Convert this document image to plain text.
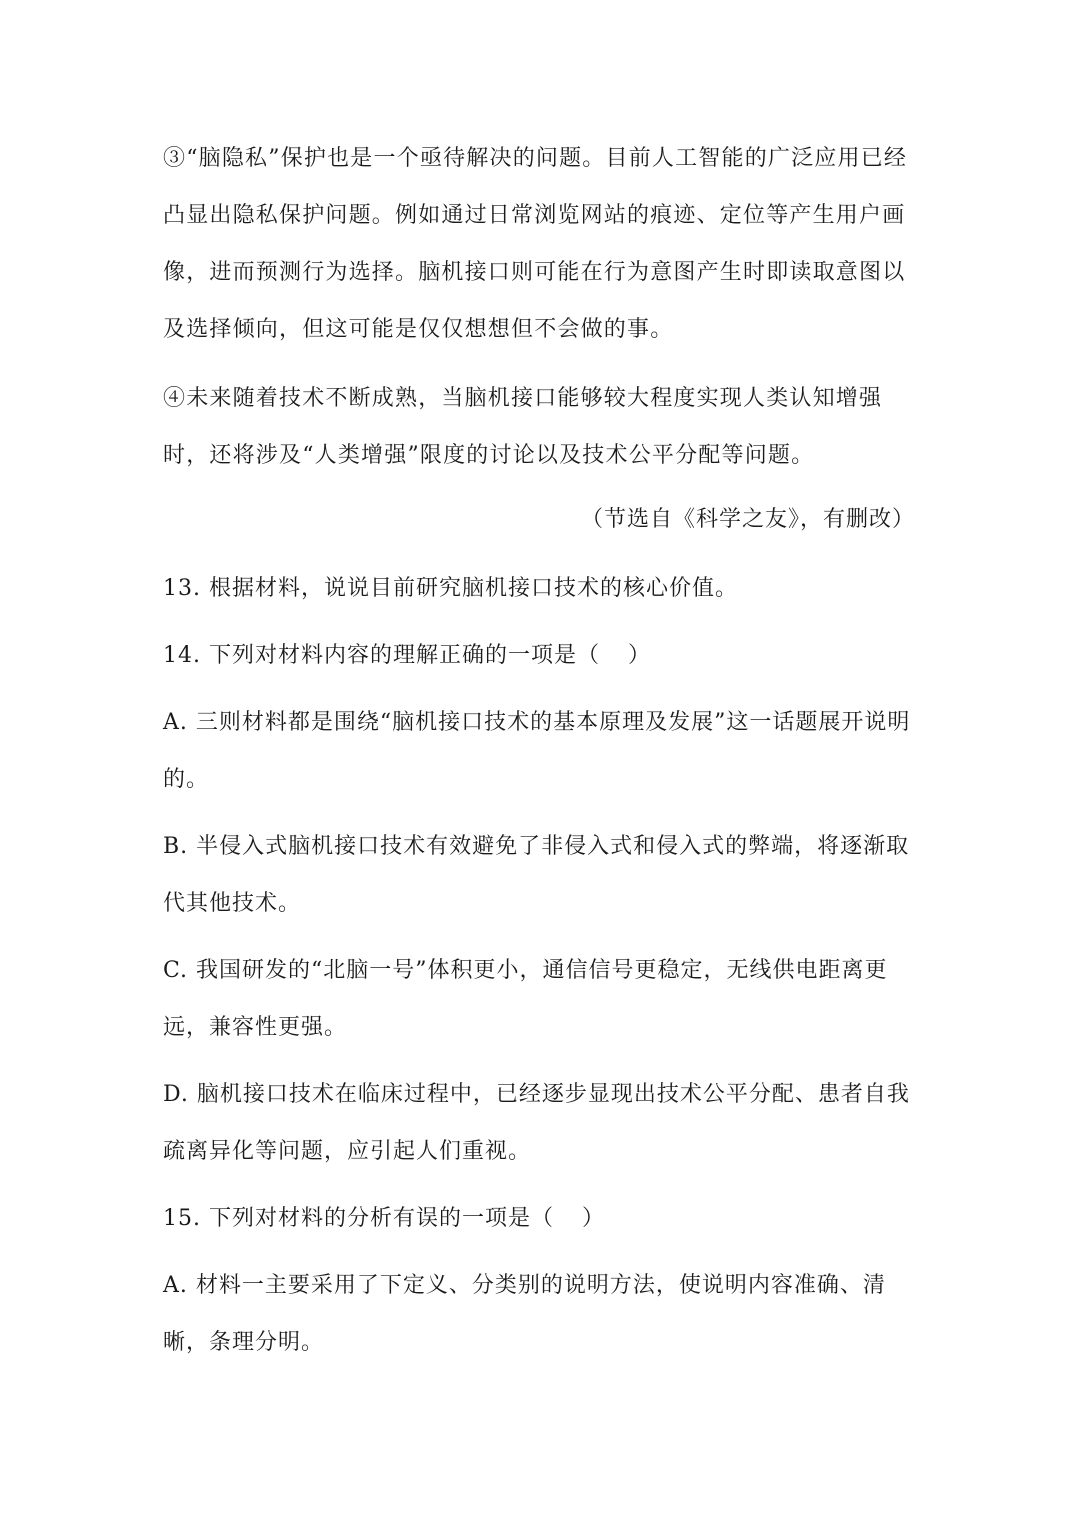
③“脑隐私”保护也是一个亟待解决的问题。目前人工智能的广泛应用已经凸显出隐私保护问题。例如通过日常浏览网站的痕迹、定位等产生用户画像，进而预测行为选择。脑机接口则可能在行为意图产生时即读取意图以及选择倾向，但这可能是仅仅想想但不会做的事。

④未来随着技术不断成熟，当脑机接口能够较大程度实现人类认知增强时，还将涉及“人类增强”限度的讨论以及技术公平分配等问题。

（节选自《科学之友》，有删改）

13. 根据材料，说说目前研究脑机接口技术的核心价值。

14. 下列对材料内容的理解正确的一项是（ ）

A. 三则材料都是围绕“脑机接口技术的基本原理及发展”这一话题展开说明的。

B. 半侵入式脑机接口技术有效避免了非侵入式和侵入式的弊端，将逐渐取代其他技术。

C. 我国研发的“北脑一号”体积更小，通信信号更稳定，无线供电距离更远，兼容性更强。

D. 脑机接口技术在临床过程中，已经逐步显现出技术公平分配、患者自我疏离异化等问题，应引起人们重视。

15. 下列对材料的分析有误的一项是（ ）

A. 材料一主要采用了下定义、分类别的说明方法，使说明内容准确、清晰，条理分明。
